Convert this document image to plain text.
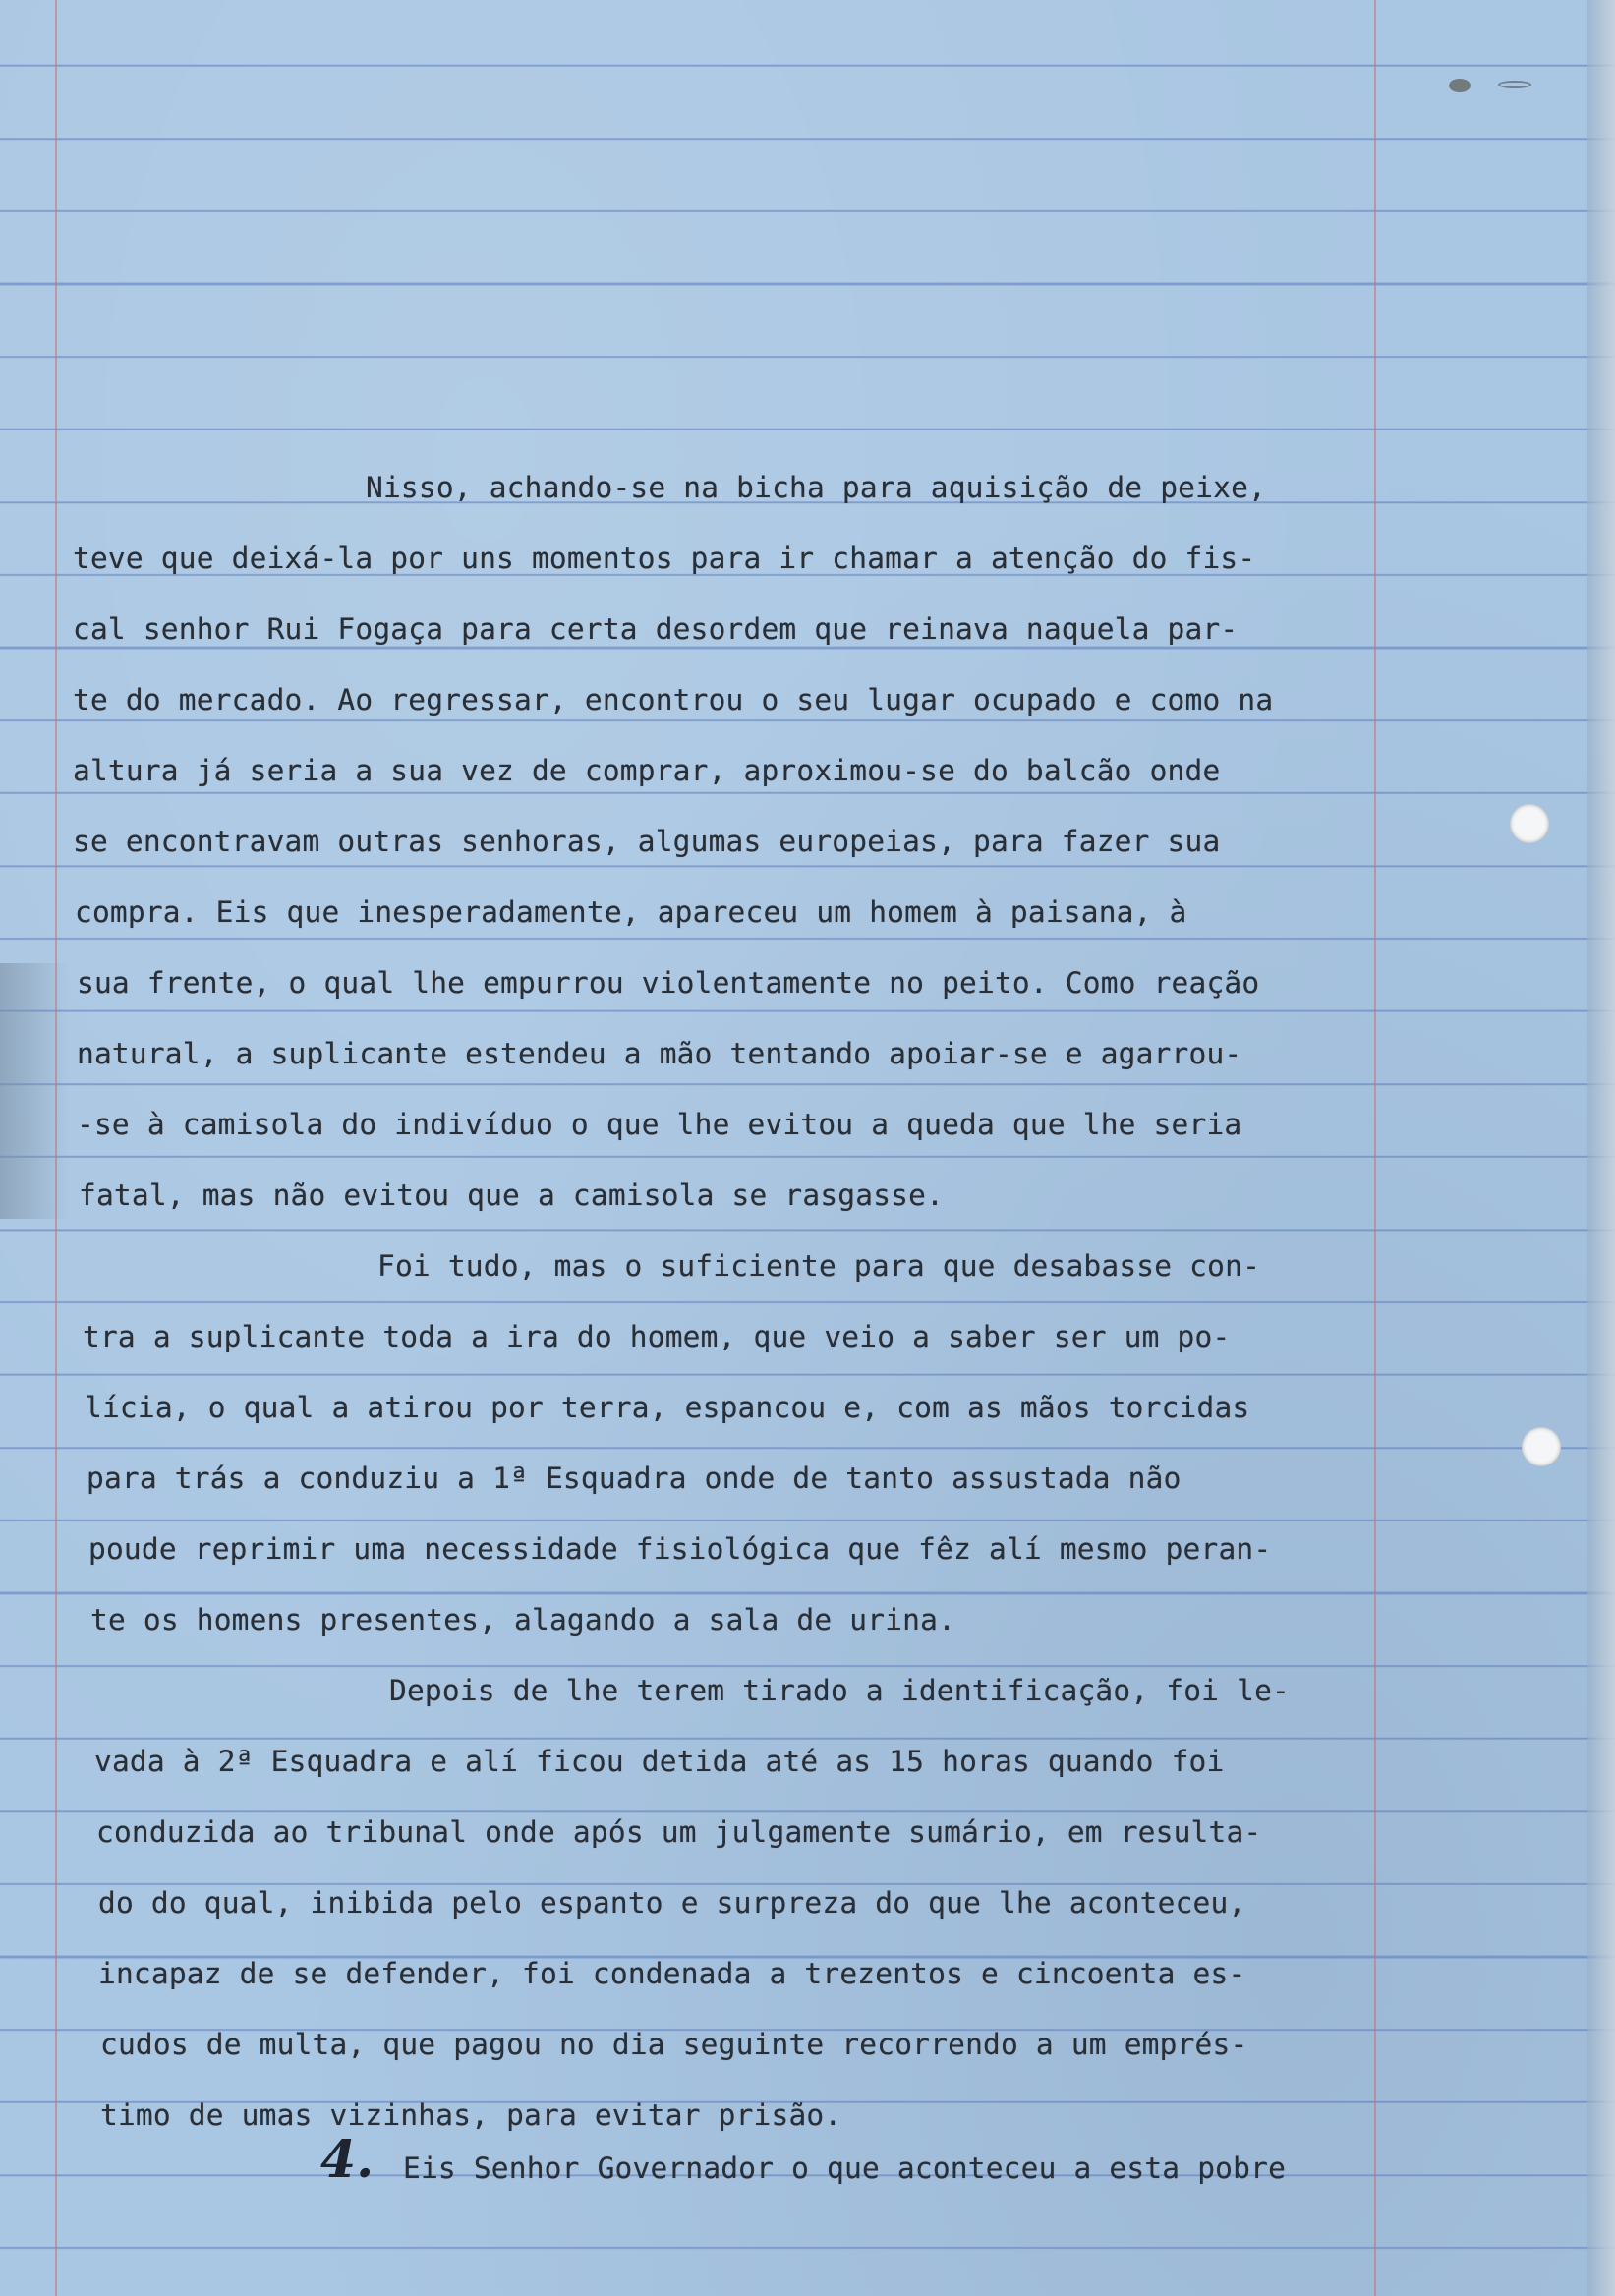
Nisso, achando-se na bicha para aquisição de peixe,
teve que deixá-la por uns momentos para ir chamar a atenção do fis-
cal senhor Rui Fogaça para certa desordem que reinava naquela par-
te do mercado. Ao regressar, encontrou o seu lugar ocupado e como na
altura já seria a sua vez de comprar, aproximou-se do balcão onde
se encontravam outras senhoras, algumas europeias, para fazer sua
compra. Eis que inesperadamente, apareceu um homem à paisana, à
sua frente, o qual lhe empurrou violentamente no peito. Como reação
natural, a suplicante estendeu a mão tentando apoiar-se e agarrou-
-se à camisola do indivíduo o que lhe evitou a queda que lhe seria
fatal, mas não evitou que a camisola se rasgasse.
Foi tudo, mas o suficiente para que desabasse con-
tra a suplicante toda a ira do homem, que veio a saber ser um po-
lícia, o qual a atirou por terra, espancou e, com as mãos torcidas
para trás a conduziu a 1ª Esquadra onde de tanto assustada não
poude reprimir uma necessidade fisiológica que fêz alí mesmo peran-
te os homens presentes, alagando a sala de urina.
Depois de lhe terem tirado a identificação, foi le-
vada à 2ª Esquadra e alí ficou detida até as 15 horas quando foi
conduzida ao tribunal onde após um julgamente sumário, em resulta-
do do qual, inibida pelo espanto e surpreza do que lhe aconteceu,
incapaz de se defender, foi condenada a trezentos e cincoenta es-
cudos de multa, que pagou no dia seguinte recorrendo a um emprés-
timo de umas vizinhas, para evitar prisão.
4. Eis Senhor Governador o que aconteceu a esta pobre
